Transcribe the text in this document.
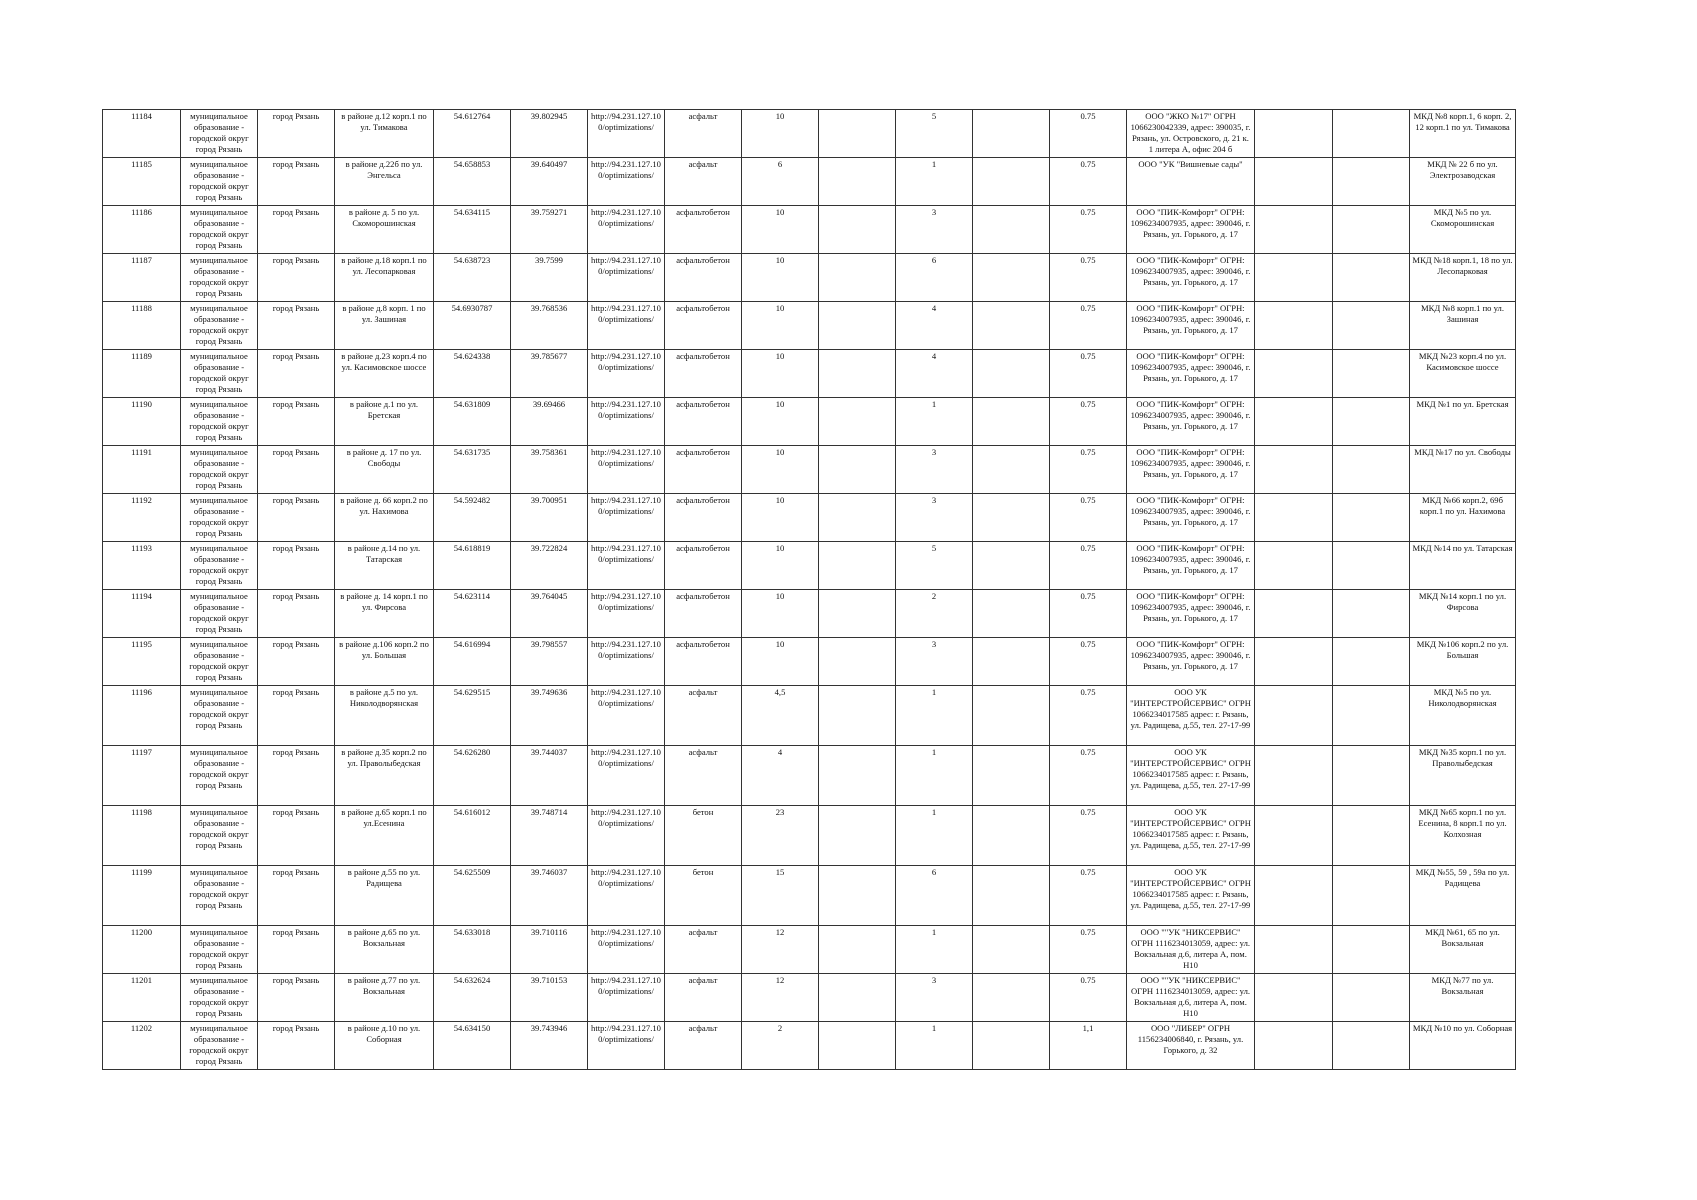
11184	муниципальное образование - городской округ город Рязань	город Рязань	в районе д.12 корп.1 по ул. Тимакова	54.612764	39.802945	http://94.231.127.10 0/optimizations/	асфальт	10		5		0.75	ООО "ЖКО №17" ОГРН 1066230042339, адрес: 390035, г. Рязань, ул. Островского, д. 21 к. 1 литера А, офис 204 б			МКД №8 корп.1, 6 корп. 2, 12 корп.1 по ул. Тимакова
11185	муниципальное образование - городской округ город Рязань	город Рязань	в районе д.22б по ул. Энгельса	54.658853	39.640497	http://94.231.127.10 0/optimizations/	асфальт	6		1		0.75	ООО "УК "Вишневые сады"			МКД № 22 б по ул. Электрозаводская
11186	муниципальное образование - городской округ город Рязань	город Рязань	в районе д. 5 по ул. Скоморошинская	54.634115	39.759271	http://94.231.127.10 0/optimizations/	асфальтобетон	10		3		0.75	ООО "ПИК-Комфорт" ОГРН: 1096234007935, адрес: 390046, г. Рязань, ул. Горького, д. 17			МКД №5 по ул. Скоморошинская
11187	муниципальное образование - городской округ город Рязань	город Рязань	в районе д.18 корп.1 по ул. Лесопарковая	54.638723	39.7599	http://94.231.127.10 0/optimizations/	асфальтобетон	10		6		0.75	ООО "ПИК-Комфорт" ОГРН: 1096234007935, адрес: 390046, г. Рязань, ул. Горького, д. 17			МКД №18 корп.1, 18 по ул. Лесопарковая
11188	муниципальное образование - городской округ город Рязань	город Рязань	в районе д.8 корп. 1 по ул. Зашиная	54.6930787	39.768536	http://94.231.127.10 0/optimizations/	асфальтобетон	10		4		0.75	ООО "ПИК-Комфорт" ОГРН: 1096234007935, адрес: 390046, г. Рязань, ул. Горького, д. 17			МКД №8 корп.1 по ул. Зашиная
11189	муниципальное образование - городской округ город Рязань	город Рязань	в районе д.23 корп.4 по ул. Касимовское шоссе	54.624338	39.785677	http://94.231.127.10 0/optimizations/	асфальтобетон	10		4		0.75	ООО "ПИК-Комфорт" ОГРН: 1096234007935, адрес: 390046, г. Рязань, ул. Горького, д. 17			МКД №23 корп.4 по ул. Касимовское шоссе
11190	муниципальное образование - городской округ город Рязань	город Рязань	в районе д.1 по ул. Бретская	54.631809	39.69466	http://94.231.127.10 0/optimizations/	асфальтобетон	10		1		0.75	ООО "ПИК-Комфорт" ОГРН: 1096234007935, адрес: 390046, г. Рязань, ул. Горького, д. 17			МКД №1 по ул. Бретская
11191	муниципальное образование - городской округ город Рязань	город Рязань	в районе д. 17 по ул. Свободы	54.631735	39.758361	http://94.231.127.10 0/optimizations/	асфальтобетон	10		3		0.75	ООО "ПИК-Комфорт" ОГРН: 1096234007935, адрес: 390046, г. Рязань, ул. Горького, д. 17			МКД №17 по ул. Свободы
11192	муниципальное образование - городской округ город Рязань	город Рязань	в районе д. 66 корп.2 по ул. Нахимова	54.592482	39.700951	http://94.231.127.10 0/optimizations/	асфальтобетон	10		3		0.75	ООО "ПИК-Комфорт" ОГРН: 1096234007935, адрес: 390046, г. Рязань, ул. Горького, д. 17			МКД №66 корп.2, 69б корп.1 по ул. Нахимова
11193	муниципальное образование - городской округ город Рязань	город Рязань	в районе д.14 по ул. Татарская	54.618819	39.722824	http://94.231.127.10 0/optimizations/	асфальтобетон	10		5		0.75	ООО "ПИК-Комфорт" ОГРН: 1096234007935, адрес: 390046, г. Рязань, ул. Горького, д. 17			МКД №14 по ул. Татарская
11194	муниципальное образование - городской округ город Рязань	город Рязань	в районе д. 14 корп.1 по ул. Фирсова	54.623114	39.764045	http://94.231.127.10 0/optimizations/	асфальтобетон	10		2		0.75	ООО "ПИК-Комфорт" ОГРН: 1096234007935, адрес: 390046, г. Рязань, ул. Горького, д. 17			МКД №14 корп.1 по ул. Фирсова
11195	муниципальное образование - городской округ город Рязань	город Рязань	в районе д.106 корп.2 по ул. Большая	54.616994	39.798557	http://94.231.127.10 0/optimizations/	асфальтобетон	10		3		0.75	ООО "ПИК-Комфорт" ОГРН: 1096234007935, адрес: 390046, г. Рязань, ул. Горького, д. 17			МКД №106 корп.2 по ул. Большая
11196	муниципальное образование - городской округ город Рязань	город Рязань	в районе д.5 по ул. Николодворянская	54.629515	39.749636	http://94.231.127.10 0/optimizations/	асфальт	4,5		1		0.75	ООО УК "ИНТЕРСТРОЙСЕРВИС" ОГРН 1066234017585 адрес: г. Рязань, ул. Радищева, д.55, тел. 27-17-99			МКД №5 по ул. Николодворянская
11197	муниципальное образование - городской округ город Рязань	город Рязань	в районе д.35 корп.2 по ул. Праволыбедская	54.626280	39.744037	http://94.231.127.10 0/optimizations/	асфальт	4		1		0.75	ООО УК "ИНТЕРСТРОЙСЕРВИС" ОГРН 1066234017585 адрес: г. Рязань, ул. Радищева, д.55, тел. 27-17-99			МКД №35 корп.1 по ул. Праволыбедская
11198	муниципальное образование - городской округ город Рязань	город Рязань	в районе д.65 корп.1 по ул.Есенина	54.616012	39.748714	http://94.231.127.10 0/optimizations/	бетон	23		1		0.75	ООО УК "ИНТЕРСТРОЙСЕРВИС" ОГРН 1066234017585 адрес: г. Рязань, ул. Радищева, д.55, тел. 27-17-99			МКД №65 корп.1 по ул. Есенина, 8 корп.1 по ул. Колхозная
11199	муниципальное образование - городской округ город Рязань	город Рязань	в районе д.55 по ул. Радищева	54.625509	39.746037	http://94.231.127.10 0/optimizations/	бетон	15		6		0.75	ООО УК "ИНТЕРСТРОЙСЕРВИС" ОГРН 1066234017585 адрес: г. Рязань, ул. Радищева, д.55, тел. 27-17-99			МКД №55, 59 , 59а по ул. Радищева
11200	муниципальное образование - городской округ город Рязань	город Рязань	в районе д.65 по ул. Вокзальная	54.633018	39.710116	http://94.231.127.10 0/optimizations/	асфальт	12		1		0.75	ООО ""УК "НИКСЕРВИС" ОГРН 1116234013059, адрес: ул. Вокзальная д.6, литера А, пом. Н10			МКД №61, 65 по ул. Вокзальная
11201	муниципальное образование - городской округ город Рязань	город Рязань	в районе д.77 по ул. Вокзальная	54.632624	39.710153	http://94.231.127.10 0/optimizations/	асфальт	12		3		0.75	ООО ""УК "НИКСЕРВИС" ОГРН 1116234013059, адрес: ул. Вокзальная д.6, литера А, пом. Н10			МКД №77 по ул. Вокзальная
11202	муниципальное образование - городской округ город Рязань	город Рязань	в районе д.10 по ул. Соборная	54.634150	39.743946	http://94.231.127.10 0/optimizations/	асфальт	2		1		1,1	ООО "ЛИБЕР" ОГРН 1156234006840, г. Рязань, ул. Горького, д. 32			МКД №10 по ул. Соборная
